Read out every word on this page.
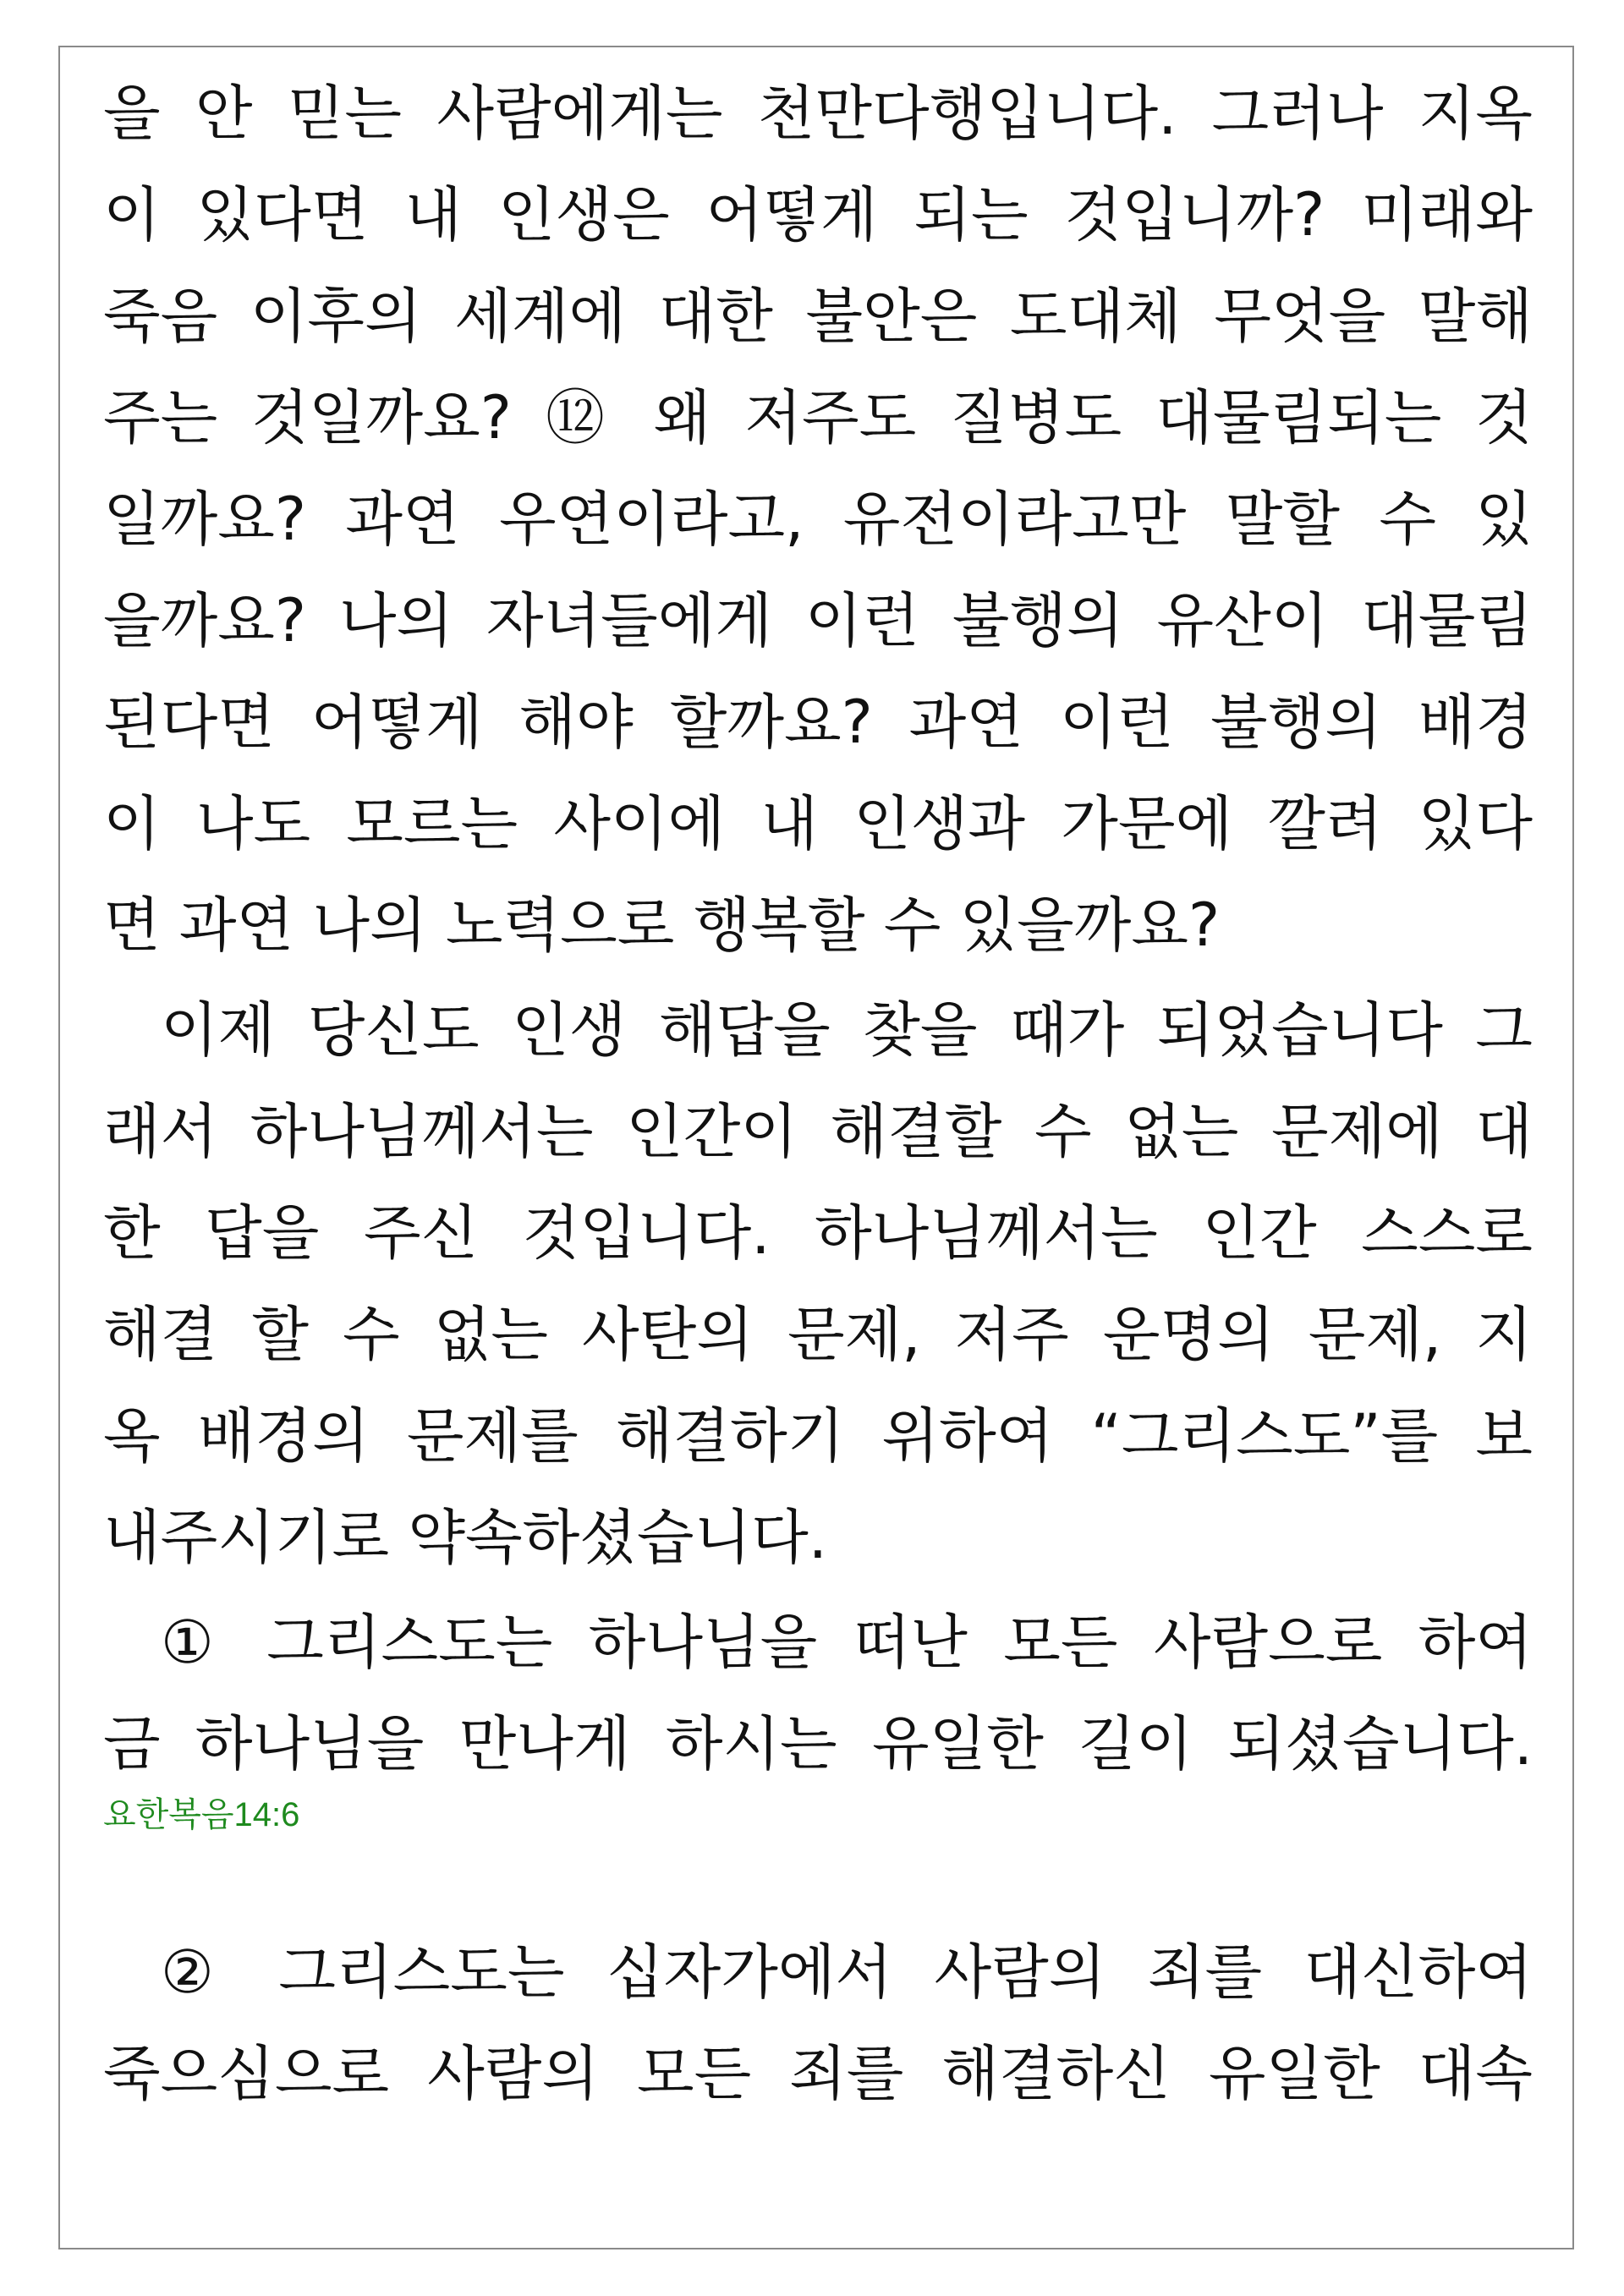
을 안 믿는 사람에게는 천만다행입니다. 그러나 지옥
이 있다면 내 인생은 어떻게 되는 것입니까? 미래와
죽음 이후의 세계에 대한 불안은 도대체 무엇을 말해
주는 것일까요? ⑫ 왜 저주도 질병도 대물림되는 것
일까요? 과연 우연이라고, 유전이라고만 말할 수 있
을까요? 나의 자녀들에게 이런 불행의 유산이 대물림
된다면 어떻게 해야 할까요? 과연 이런 불행의 배경
이 나도 모르는 사이에 내 인생과 가문에 깔려 있다
면 과연 나의 노력으로 행복할 수 있을까요?
이제 당신도 인생 해답을 찾을 때가 되었습니다 그
래서 하나님께서는 인간이 해결할 수 없는 문제에 대
한 답을 주신 것입니다. 하나님께서는 인간 스스로
해결 할 수 없는 사탄의 문제, 저주 운명의 문제, 지
옥 배경의 문제를 해결하기 위하여 “그리스도”를 보
내주시기로 약속하셨습니다.
① 그리스도는 하나님을 떠난 모든 사람으로 하여
금 하나님을 만나게 하시는 유일한 길이 되셨습니다.
요한복음14:6
② 그리스도는 십자가에서 사람의 죄를 대신하여
죽으심으로 사람의 모든 죄를 해결하신 유일한 대속
